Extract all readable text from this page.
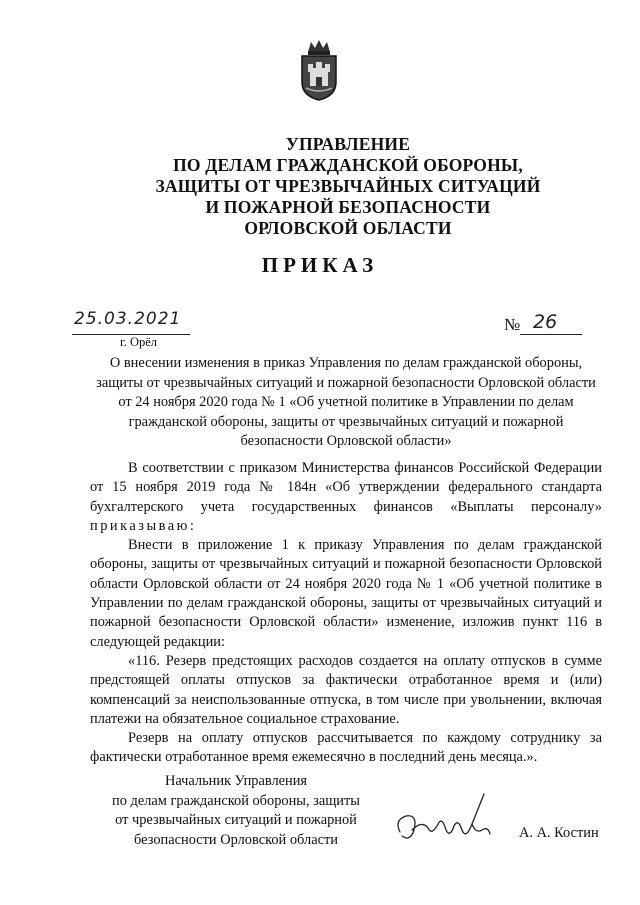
УПРАВЛЕНИЕ
ПО ДЕЛАМ ГРАЖДАНСКОЙ ОБОРОНЫ,
ЗАЩИТЫ ОТ ЧРЕЗВЫЧАЙНЫХ СИТУАЦИЙ
И ПОЖАРНОЙ БЕЗОПАСНОСТИ
ОРЛОВСКОЙ ОБЛАСТИ
ПРИКАЗ
25.03.2021
г. Орёл
№ 26
О внесении изменения в приказ Управления по делам гражданской обороны, защиты от чрезвычайных ситуаций и пожарной безопасности Орловской области от 24 ноября 2020 года № 1 «Об учетной политике в Управлении по делам гражданской обороны, защиты от чрезвычайных ситуаций и пожарной безопасности Орловской области»

В соответствии с приказом Министерства финансов Российской Федерации от 15 ноября 2019 года № 184н «Об утверждении федерального стандарта бухгалтерского учета государственных финансов «Выплаты персоналу» приказываю:

Внести в приложение 1 к приказу Управления по делам гражданской обороны, защиты от чрезвычайных ситуаций и пожарной безопасности Орловской области Орловской области от 24 ноября 2020 года № 1 «Об учетной политике в Управлении по делам гражданской обороны, защиты от чрезвычайных ситуаций и пожарной безопасности Орловской области» изменение, изложив пункт 116 в следующей редакции:

«116. Резерв предстоящих расходов создается на оплату отпусков в сумме предстоящей оплаты отпусков за фактически отработанное время и (или) компенсаций за неиспользованные отпуска, в том числе при увольнении, включая платежи на обязательное социальное страхование.

Резерв на оплату отпусков рассчитывается по каждому сотруднику за фактически отработанное время ежемесячно в последний день месяца.».

Начальник Управления
по делам гражданской обороны, защиты
от чрезвычайных ситуаций и пожарной
безопасности Орловской области	А. А. Костин
